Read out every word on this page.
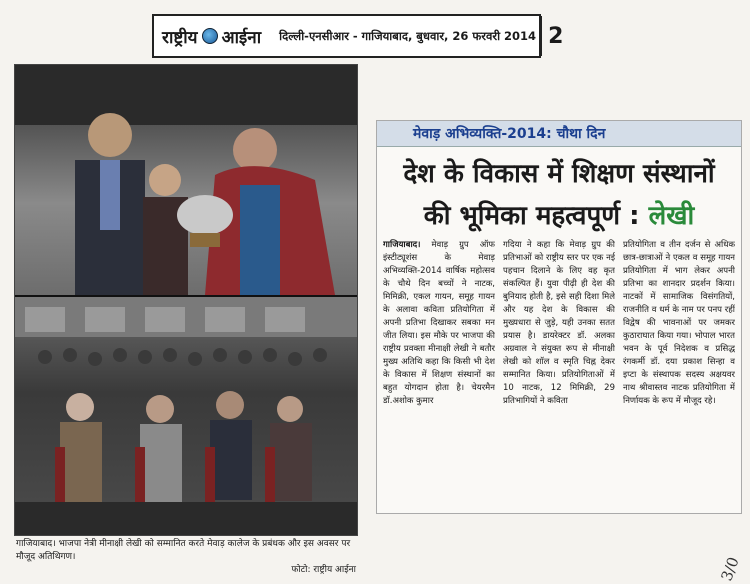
राष्ट्रीय आईना	दिल्ली-एनसीआर - गाजियाबाद, बुधवार, 26 फरवरी 2014 2
गाजियाबाद। भाजपा नेत्री मीनाक्षी लेखी को सम्मानित करते मेवाड़ कालेज के प्रबंधक और इस अवसर पर मौजूद अतिथिगण।
फोटो: राष्ट्रीय आईना
मेवाड़ अभिव्यक्ति-2014: चौथा दिन
देश के विकास में शिक्षण संस्थानों
की भूमिका महत्वपूर्ण : लेखी
गाजियाबाद। मेवाड़ ग्रुप ऑफ इंस्टीट्यूशंस के मेवाड़ अभिव्यक्ति-2014 वार्षिक महोत्सव के चौथे दिन बच्चों ने नाटक, मिमिक्री, एकल गायन, समूह गायन के अलावा कविता प्रतियोगिता में अपनी प्रतिभा दिखाकर सबका मन जीत लिया। इस मौके पर भाजपा की राष्ट्रीय प्रवक्ता मीनाक्षी लेखी ने बतौर मुख्य अतिथि कहा कि किसी भी देश के विकास में शिक्षण संस्थानों का बहुत योगदान होता है। चेयरमैन डॉ.अशोक कुमार
गदिया ने कहा कि मेवाड़ ग्रुप की प्रतिभाओं को राष्ट्रीय स्तर पर एक नई पहचान दिलाने के लिए वह कृत संकल्पित हैं। युवा पीढ़ी ही देश की बुनियाद होती है, इसे सही दिशा मिले और यह देश के विकास की मुख्यधारा से जुड़े, यही उनका सतत प्रयास है। डायरेक्टर डॉ. अलका अग्रवाल ने संयुक्त रूप से मीनाक्षी लेखी को शॉल व स्मृति चिह्न देकर सम्मानित किया। प्रतियोगिताओं में 10 नाटक, 12 मिमिक्री, 29 प्रतिभागियों ने कविता
प्रतियोगिता व तीन दर्जन से अधिक छात्र-छात्राओं ने एकल व समूह गायन प्रतियोगिता में भाग लेकर अपनी प्रतिभा का शानदार प्रदर्शन किया। नाटकों में सामाजिक विसंगतियों, राजनीति व धर्म के नाम पर पनप रहीं विद्वेष की भावनाओं पर जमकर कुठाराघात किया गया। भोपाल भारत भवन के पूर्व निदेशक व प्रसिद्ध रंगकर्मी डॉ. दया प्रकाश सिन्हा व इप्टा के संस्थापक सदस्य अक्षयवर नाथ श्रीवास्तव नाटक प्रतियोगिता में निर्णायक के रूप में मौजूद रहे।
3/0
